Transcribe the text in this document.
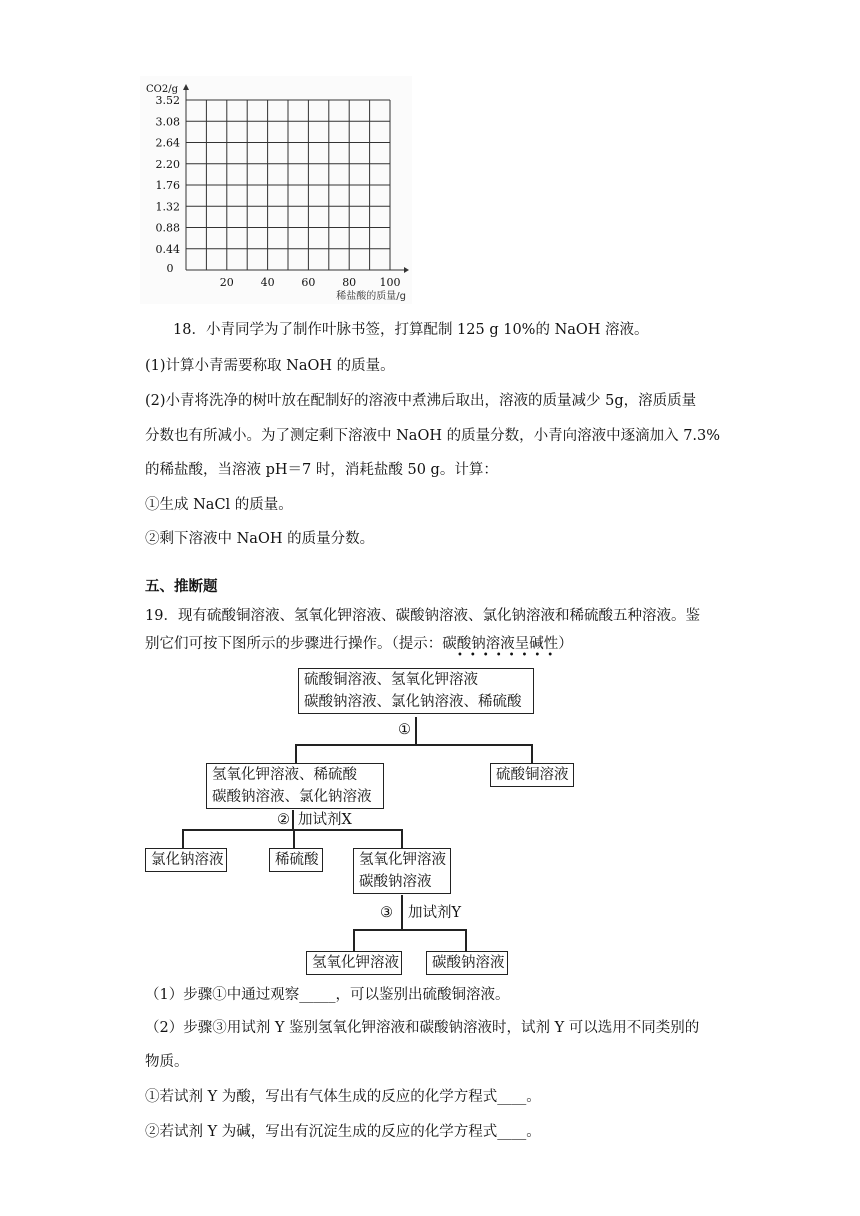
0.44
0.88
1.32
1.76
2.20
2.64
3.08
3.52
20 40 60 80 100
0
CO2/g
稀盐酸的质量/g
18．小青同学为了制作叶脉书签，打算配制 125 g 10%的 NaOH 溶液。
(1)计算小青需要称取 NaOH 的质量。
(2)小青将洗净的树叶放在配制好的溶液中煮沸后取出，溶液的质量减少 5g，溶质质量
分数也有所减小。为了测定剩下溶液中 NaOH 的质量分数，小青向溶液中逐滴加入 7.3%
的稀盐酸，当溶液 pH＝7 时，消耗盐酸 50 g。计算：
①生成 NaCl 的质量。
②剩下溶液中 NaOH 的质量分数。
五、推断题
19．现有硫酸铜溶液、氢氧化钾溶液、碳酸钠溶液、氯化钠溶液和稀硫酸五种溶液。鉴
别它们可按下图所示的步骤进行操作。（提示：碳酸钠溶液呈碱性）
••••••••
硫酸铜溶液、氢氧化钾溶液
碳酸钠溶液、氯化钠溶液、稀硫酸
①
氢氧化钾溶液、稀硫酸
碳酸钠溶液、氯化钠溶液
硫酸铜溶液
② 加试剂X
氯化钠溶液	稀硫酸	氢氧化钾溶液
碳酸钠溶液
③ 加试剂Y
氢氧化钾溶液	碳酸钠溶液
（1）步骤①中通过观察_____，可以鉴别出硫酸铜溶液。
（2）步骤③用试剂 Y 鉴别氢氧化钾溶液和碳酸钠溶液时，试剂 Y 可以选用不同类别的
物质。
①若试剂 Y 为酸，写出有气体生成的反应的化学方程式____。
②若试剂 Y 为碱，写出有沉淀生成的反应的化学方程式____。
